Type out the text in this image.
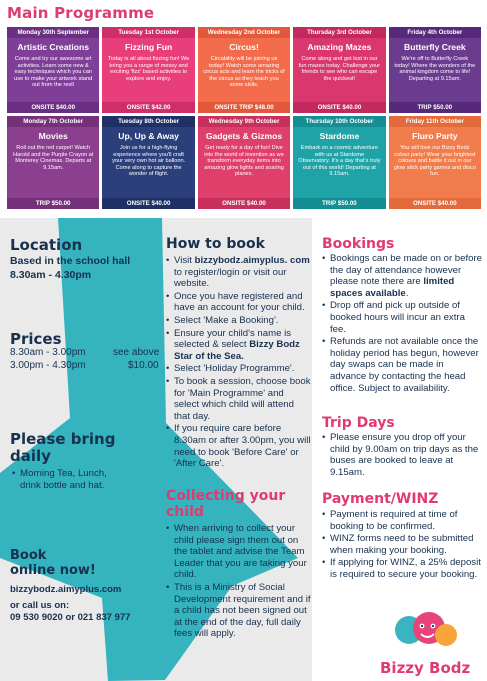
Main Programme
Monday 30th September
Artistic Creations
Come and try our awesome art activities. Learn some new & easy techniques which you can use to make your artwork stand out from the rest!
ONSITE $40.00
Tuesday 1st October
Fizzing Fun
Today is all about fizzing fun! We bring you a range of messy and exciting 'fizz' based activities to explore and enjoy.
ONSITE $42.00
Wednesday 2nd October
Circus!
Circability will be joining us today! Watch some amazing circus acts and learn the tricks of the circus as they teach you some skills.
ONSITE TRIP $48.00
Thursday 3rd October
Amazing Mazes
Come along and get lost in our fun mazes today. Challenge your friends to see who can escape the quickest!
ONSITE $40.00
Friday 4th October
Butterfly Creek
We're off to Butterfly Creek today! Where the wonders of the animal kingdom come to life! Departing at 9.15am.
TRIP $50.00
Monday 7th October
Movies
Roll out the red carpet! Watch Harold and the Purple Crayon at Monterey Cinemas. Departs at 9.15am.
TRIP $50.00
Tuesday 8th October
Up, Up & Away
Join us for a high-flying experience where you'll craft your very own hot air balloon. Come along to capture the wonder of flight.
ONSITE $40.00
Wednesday 9th October
Gadgets & Gizmos
Get ready for a day of fun! Dive into the world of invention as we transform everyday items into amazing glow lights and soaring planes.
ONSITE $40.00
Thursday 10th October
Stardome
Embark on a cosmic adventure with us at Stardome Observatory. It's a day that's truly out of this world! Departing at 9.15am.
TRIP $50.00
Friday 11th October
Fluro Party
You will love our Bizzy Bodz colour party! Wear your brightest colours and battle it out in our glow stick party games and disco fun.
ONSITE $40.00
Location
Based in the school hall
8.30am - 4.30pm
Prices
8.30am - 3.00pm	see above
3.00pm - 4.30pm	$10.00
Please bring
daily
• Morning Tea, Lunch, drink bottle and hat.
Book
online now!
bizzybodz.aimyplus.com
or call us on:
09 530 9020 or 021 837 977
How to book
• Visit bizzybodz.aimyplus. com to register/login or visit our website.
• Once you have registered and have an account for your child.
• Select 'Make a Booking'.
• Ensure your child's name is selected & select Bizzy Bodz Star of the Sea.
• Select 'Holiday Programme'.
• To book a session, choose book for 'Main Programme' and select which child will attend that day.
• If you require care before 8.30am or after 3.00pm, you will need to book 'Before Care' or 'After Care'.
Collecting your
child
• When arriving to collect your child please sign them out on the tablet and advise the Team Leader that you are taking your child.
• This is a Ministry of Social Development requirement and if a child has not been signed out at the end of the day, full daily fees will apply.
Bookings
• Bookings can be made on or before the day of attendance however please note there are limited spaces available.
• Drop off and pick up outside of booked hours will incur an extra fee.
• Refunds are not available once the holiday period has begun, however day swaps can be made in advance by contacting the head office. Subject to availability.
Trip Days
• Please ensure you drop off your child by 9.00am on trip days as the buses are booked to leave at 9.15am.
Payment/WINZ
• Payment is required at time of booking to be confirmed.
• WINZ forms need to be submitted when making your booking.
• If applying for WINZ, a 25% deposit is required to secure your booking.
Bizzy Bodz
